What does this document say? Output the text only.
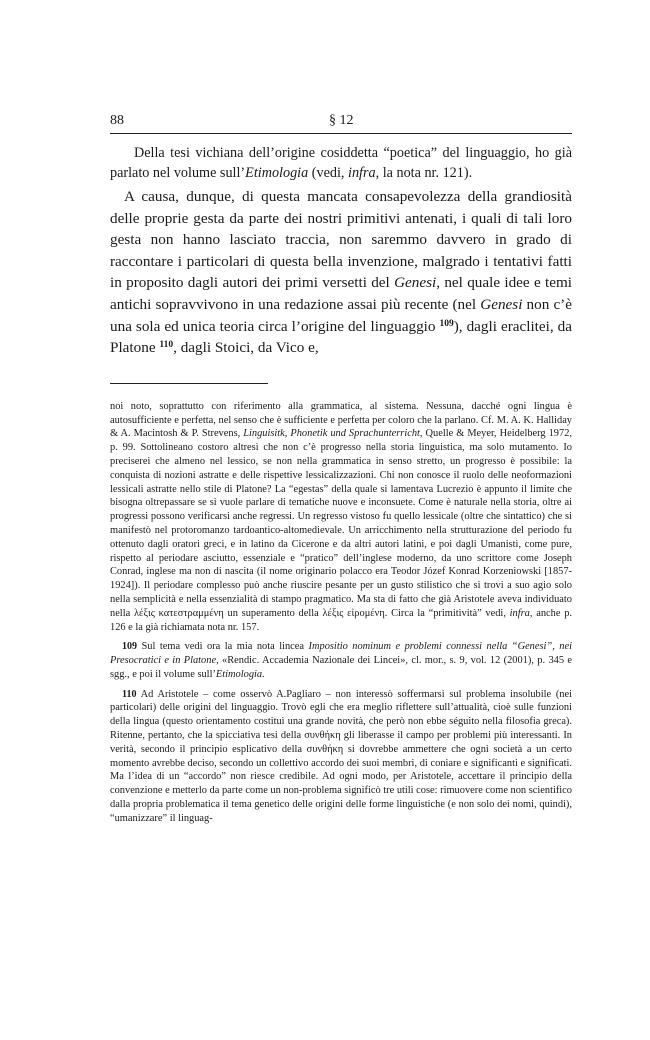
88	§ 12

Della tesi vichiana dell’origine cosiddetta “poetica” del linguaggio, ho già parlato nel volume sull’Etimologia (vedi, infra, la nota nr. 121).

A causa, dunque, di questa mancata consapevolezza della grandiosità delle proprie gesta da parte dei nostri primitivi antenati, i quali di tali loro gesta non hanno lasciato traccia, non saremmo davvero in grado di raccontare i particolari di questa bella invenzione, malgrado i tentativi fatti in proposito dagli autori dei primi versetti del Genesi, nel quale idee e temi antichi sopravvivono in una redazione assai più recente (nel Genesi non c’è una sola ed unica teoria circa l’origine del linguaggio $^{109}$), dagli eraclitei, da Platone $^{110}$, dagli Stoici, da Vico e,

noi noto, soprattutto con riferimento alla grammatica, al sistema. Nessuna, dacché ogni lingua è autosufficiente e perfetta, nel senso che è sufficiente e perfetta per coloro che la parlano. Cf. M. A. K. Halliday & A. Macintosh & P. Strevens, Linguisitk, Phonetik und Sprachunterricht, Quelle & Meyer, Heidelberg 1972, p. 99. Sottolineano costoro altresì che non c’è progresso nella storia linguistica, ma solo mutamento. Io preciserei che almeno nel lessico, se non nella grammatica in senso stretto, un progresso è possibile: la conquista di nozioni astratte e delle rispettive lessicalizzazioni. Chi non conosce il ruolo delle neoformazioni lessicali astratte nello stile di Platone? La “egestas” della quale si lamentava Lucrezio è appunto il limite che bisogna oltrepassare se si vuole parlare di tematiche nuove e inconsuete. Come è naturale nella storia, oltre ai progressi possono verificarsi anche regressi. Un regresso vistoso fu quello lessicale (oltre che sintattico) che si manifestò nel protoromanzo tardoantico-altomedievale. Un arricchimento nella strutturazione del periodo fu ottenuto dagli oratori greci, e in latino da Cicerone e da altri autori latini, e poi dagli Umanisti, come pure, rispetto al periodare asciutto, essenziale e “pratico” dell’inglese moderno, da uno scrittore come Joseph Conrad, inglese ma non di nascita (il nome originario polacco era Teodor Józef Konrad Korzeniowski [1857-1924]). Il periodare complesso può anche riuscire pesante per un gusto stilistico che si trovi a suo agio solo nella semplicità e nella essenzialità di stampo pragmatico. Ma sta di fatto che già Aristotele aveva individuato nella λέξις κατεστραμμένη un superamento della λέξις εἰρομένη. Circa la “primitività” vedi, infra, anche p. 126 e la già richiamata nota nr. 157.

109 Sul tema vedi ora la mia nota lincea Impositio nominum e problemi connessi nella “Genesi”, nei Presocratici e in Platone, «Rendic. Accademia Nazionale dei Lincei», cl. mor., s. 9, vol. 12 (2001), p. 345 e sgg., e poi il volume sull’Etimologia.

110 Ad Aristotele – come osservò A.Pagliaro – non interessò soffermarsi sul problema insolubile (nei particolari) delle origini del linguaggio. Trovò egli che era meglio riflettere sull’attualità, cioè sulle funzioni della lingua (questo orientamento costituì una grande novità, che però non ebbe séguito nella filosofia greca). Ritenne, pertanto, che la spicciativa tesi della συνθήκη gli liberasse il campo per problemi più interessanti. In verità, secondo il principio esplicativo della συνθήκη si dovrebbe ammettere che ogni società a un certo momento avrebbe deciso, secondo un collettivo accordo dei suoi membri, di coniare e significanti e significati. Ma l’idea di un “accordo” non riesce credibile. Ad ogni modo, per Aristotele, accettare il principio della convenzione e metterlo da parte come un non-problema significò tre utili cose: rimuovere come non scientifico dalla propria problematica il tema genetico delle origini delle forme linguistiche (e non solo dei nomi, quindi), “umanizzare” il linguag-
